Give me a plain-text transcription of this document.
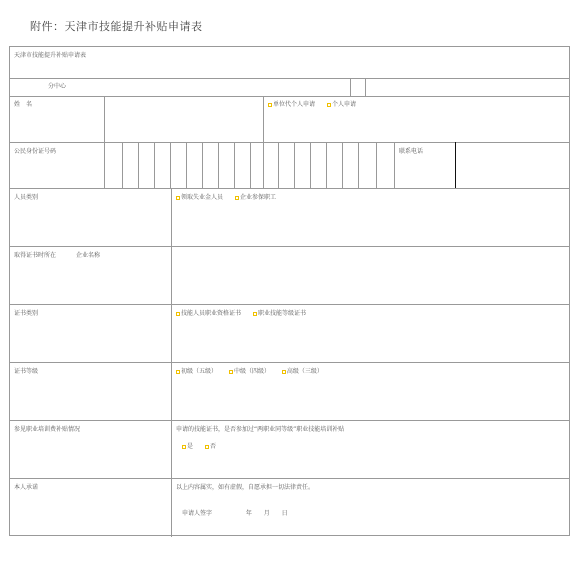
附件：天津市技能提升补贴申请表
天津市技能提升补贴申请表
分中心
姓　名	单位代个人申请	个人申请
公民身份证号码	联系电话
人员类别	领取失业金人员	企业参保职工
取得证书时所在	企业名称
证书类别	技能人员职业资格证书	职业技能等级证书
证书等级	初级（五级）	中级（四级）	高级（三级）
参见职业培训费补贴情况	申请的技能证书，是否参加过“两职业同等级”职业技能培训补贴
是	否
本人承诺	以上内容属实，如有虚假，自愿承担一切法律责任。
申请人签字	年 月 日
